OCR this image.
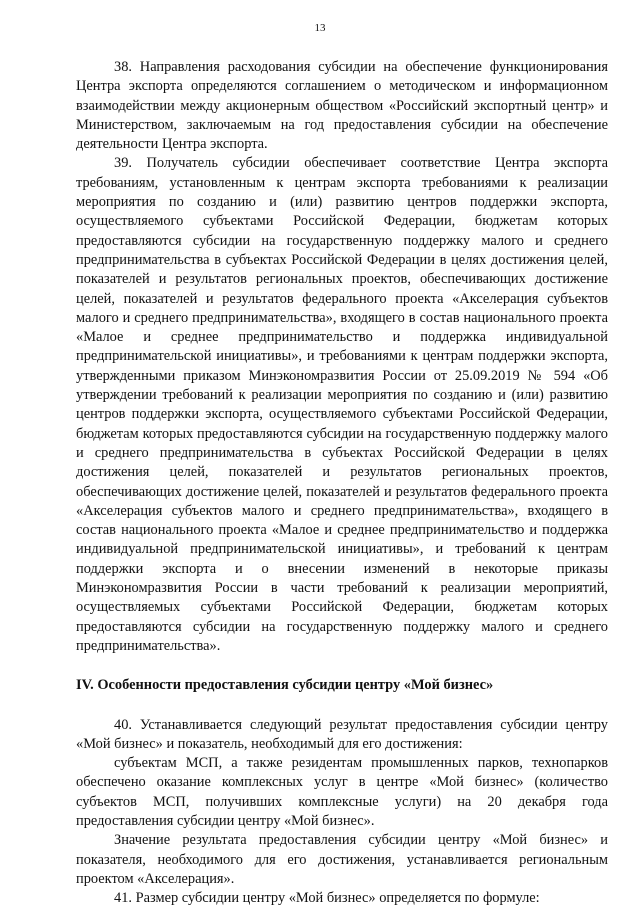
13

38. Направления расходования субсидии на обеспечение функционирования Центра экспорта определяются соглашением о методическом и информационном взаимодействии между акционерным обществом «Российский экспортный центр» и Министерством, заключаемым на год предоставления субсидии на обеспечение деятельности Центра экспорта.

39. Получатель субсидии обеспечивает соответствие Центра экспорта требованиям, установленным к центрам экспорта требованиями к реализации мероприятия по созданию и (или) развитию центров поддержки экспорта, осуществляемого субъектами Российской Федерации, бюджетам которых предоставляются субсидии на государственную поддержку малого и среднего предпринимательства в субъектах Российской Федерации в целях достижения целей, показателей и результатов региональных проектов, обеспечивающих достижение целей, показателей и результатов федерального проекта «Акселерация субъектов малого и среднего предпринимательства», входящего в состав национального проекта «Малое и среднее предпринимательство и поддержка индивидуальной предпринимательской инициативы», и требованиями к центрам поддержки экспорта, утвержденными приказом Минэкономразвития России от 25.09.2019 № 594 «Об утверждении требований к реализации мероприятия по созданию и (или) развитию центров поддержки экспорта, осуществляемого субъектами Российской Федерации, бюджетам которых предоставляются субсидии на государственную поддержку малого и среднего предпринимательства в субъектах Российской Федерации в целях достижения целей, показателей и результатов региональных проектов, обеспечивающих достижение целей, показателей и результатов федерального проекта «Акселерация субъектов малого и среднего предпринимательства», входящего в состав национального проекта «Малое и среднее предпринимательство и поддержка индивидуальной предпринимательской инициативы», и требований к центрам поддержки экспорта и о внесении изменений в некоторые приказы Минэкономразвития России в части требований к реализации мероприятий, осуществляемых субъектами Российской Федерации, бюджетам которых предоставляются субсидии на государственную поддержку малого и среднего предпринимательства».

IV. Особенности предоставления субсидии центру «Мой бизнес»

40. Устанавливается следующий результат предоставления субсидии центру «Мой бизнес» и показатель, необходимый для его достижения:

субъектам МСП, а также резидентам промышленных парков, технопарков обеспечено оказание комплексных услуг в центре «Мой бизнес» (количество субъектов МСП, получивших комплексные услуги) на 20 декабря года предоставления субсидии центру «Мой бизнес».

Значение результата предоставления субсидии центру «Мой бизнес» и показателя, необходимого для его достижения, устанавливается региональным проектом «Акселерация».

41. Размер субсидии центру «Мой бизнес» определяется по формуле:
